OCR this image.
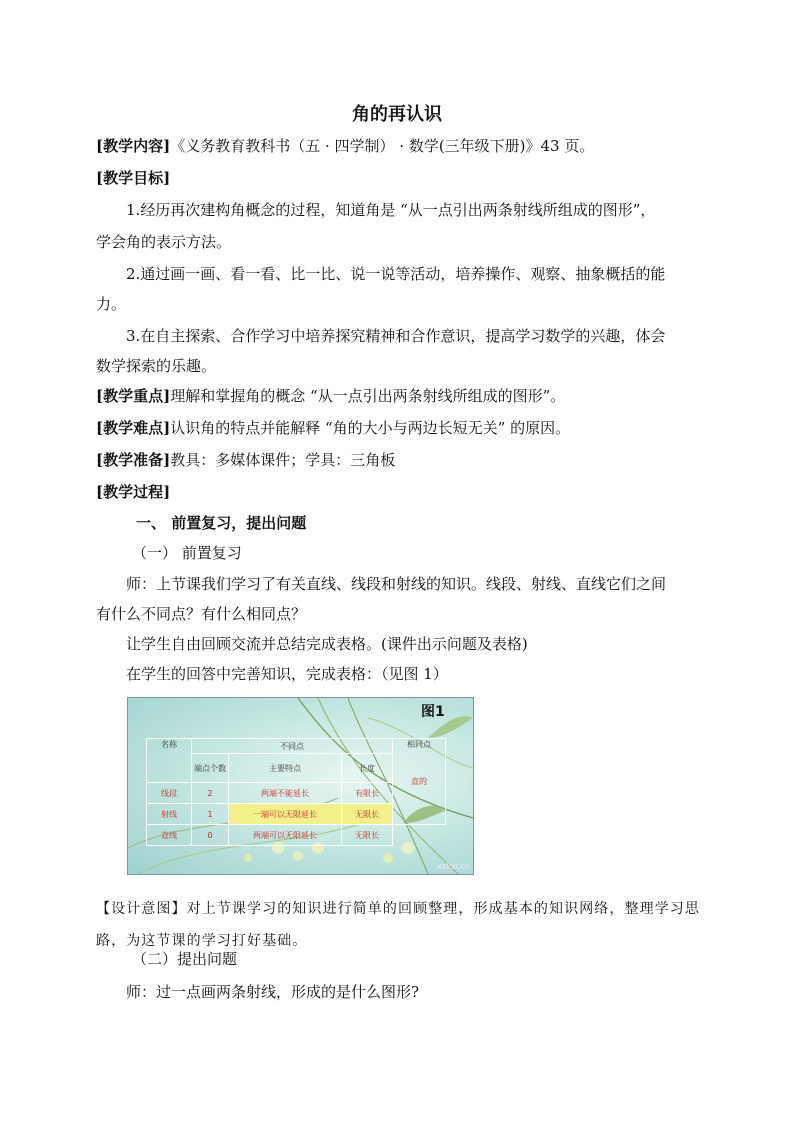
角的再认识
[教学内容]《义务教育教科书（五 · 四学制） · 数学(三年级下册)》43 页。
[教学目标]
1.经历再次建构角概念的过程，知道角是 “从一点引出两条射线所组成的图形”，
学会角的表示方法。
2.通过画一画、看一看、比一比、说一说等活动，培养操作、观察、抽象概括的能
力。
3.在自主探索、合作学习中培养探究精神和合作意识，提高学习数学的兴趣，体会
数学探索的乐趣。
[教学重点]理解和掌握角的概念 “从一点引出两条射线所组成的图形”。
[教学难点]认识角的特点并能解释 “角的大小与两边长短无关” 的原因。
[教学准备]教具：多媒体课件；学具：三角板
[教学过程]
一、 前置复习，提出问题
（一） 前置复习
师：上节课我们学习了有关直线、线段和射线的知识。线段、射线、直线它们之间
有什么不同点？有什么相同点？
让学生自由回顾交流并总结完成表格。(课件出示问题及表格)
在学生的回答中完善知识，完成表格：（见图 1）
图1
名称	不同点			相同点
直的

	端点个数	主要特点	长度	
线段	2	两端不能延长	有限长	
射线	1	一端可以无限延长	无限长	
直线	0	两端可以无限延长	无限长	
xxkxl.cn
【设计意图】对上节课学习的知识进行简单的回顾整理，形成基本的知识网络，整理学习思路，为这节课的学习打好基础。
（二）提出问题
师：过一点画两条射线，形成的是什么图形?
